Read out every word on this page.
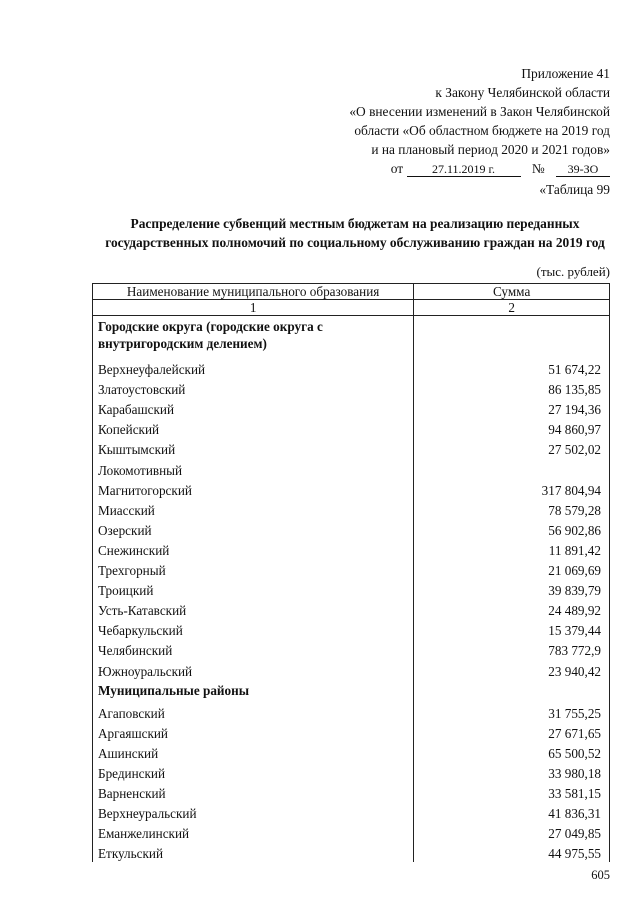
Приложение 41
к Закону Челябинской области
«О внесении изменений в Закон Челябинской
области «Об областном бюджете на 2019 год
и на плановый период 2020 и 2021 годов»
от 27.11.2019 г.	№ 39-ЗО
«Таблица 99
Распределение субвенций местным бюджетам на реализацию переданных государственных полномочий по социальному обслуживанию граждан на 2019 год
(тыс. рублей)
Наименование муниципального образования	Сумма
1	2
Городские округа (городские округа с внутригородским делением)	
Верхнеуфалейский	51 674,22
Златоустовский	86 135,85
Карабашский	27 194,36
Копейский	94 860,97
Кыштымский	27 502,02
Локомотивный	
Магнитогорский	317 804,94
Миасский	78 579,28
Озерский	56 902,86
Снежинский	11 891,42
Трехгорный	21 069,69
Троицкий	39 839,79
Усть-Катавский	24 489,92
Чебаркульский	15 379,44
Челябинский	783 772,9
Южноуральский	23 940,42
Муниципальные районы	
Агаповский	31 755,25
Аргаяшский	27 671,65
Ашинский	65 500,52
Брединский	33 980,18
Варненский	33 581,15
Верхнеуральский	41 836,31
Еманжелинский	27 049,85
Еткульский	44 975,55
605
